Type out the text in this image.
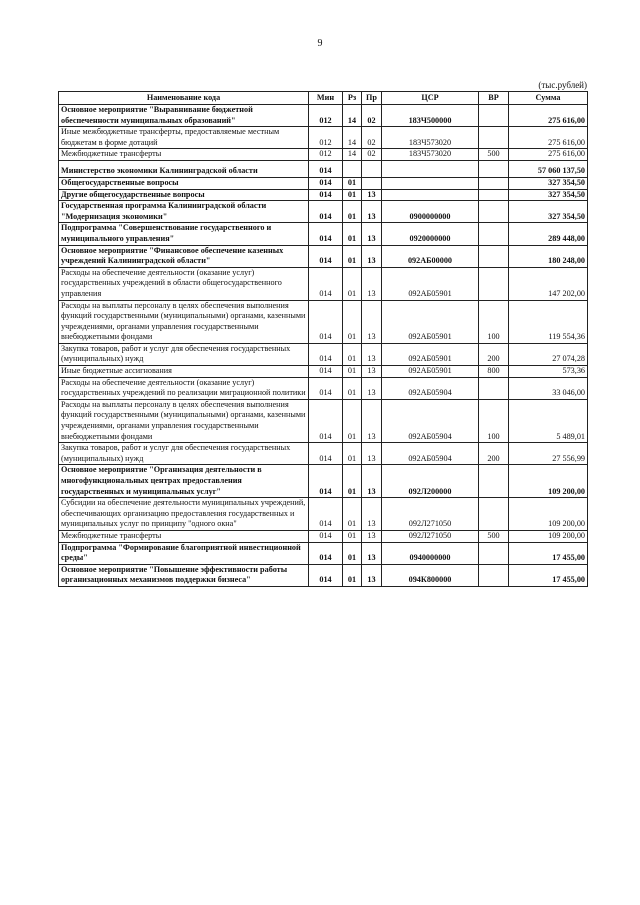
9
(тыс.рублей)
Наименование кода	Мин	Рз	Пр	ЦСР	ВР	Сумма
Основное мероприятие "Выравнивание бюджетной обеспеченности муниципальных образований"	012	14	02	183Ч500000		275 616,00
Иные межбюджетные трансферты, предоставляемые местным бюджетам в форме дотаций	012	14	02	183Ч573020		275 616,00
Межбюджетные трансферты	012	14	02	183Ч573020	500	275 616,00
Министерство экономики Калининградской области	014					57 060 137,50
Общегосударственные вопросы	014	01				327 354,50
Другие общегосударственные вопросы	014	01	13			327 354,50
Государственная программа Калининградской области "Модернизация экономики"	014	01	13	0900000000		327 354,50
Подпрограмма "Совершенствование государственного и муниципального управления"	014	01	13	0920000000		289 448,00
Основное мероприятие "Финансовое обеспечение казенных учреждений Калининградской области"	014	01	13	092АБ00000		180 248,00
Расходы на обеспечение деятельности (оказание услуг) государственных учреждений в области общегосударственного управления	014	01	13	092АБ05901		147 202,00
Расходы на выплаты персоналу в целях обеспечения выполнения функций государственными (муниципальными) органами, казенными учреждениями, органами управления государственными внебюджетными фондами	014	01	13	092АБ05901	100	119 554,36
Закупка товаров, работ и услуг для обеспечения государственных (муниципальных) нужд	014	01	13	092АБ05901	200	27 074,28
Иные бюджетные ассигнования	014	01	13	092АБ05901	800	573,36
Расходы на обеспечение деятельности (оказание услуг) государственных учреждений по реализации миграционной политики	014	01	13	092АБ05904		33 046,00
Расходы на выплаты персоналу в целях обеспечения выполнения функций государственными (муниципальными) органами, казенными учреждениями, органами управления государственными внебюджетными фондами	014	01	13	092АБ05904	100	5 489,01
Закупка товаров, работ и услуг для обеспечения государственных (муниципальных) нужд	014	01	13	092АБ05904	200	27 556,99
Основное мероприятие "Организация деятельности в многофункциональных центрах предоставления государственных и муниципальных услуг"	014	01	13	092Л200000		109 200,00
Субсидии на обеспечение деятельности муниципальных учреждений, обеспечивающих организацию предоставления государственных и муниципальных услуг по принципу "одного окна"	014	01	13	092Л271050		109 200,00
Межбюджетные трансферты	014	01	13	092Л271050	500	109 200,00
Подпрограмма "Формирование благоприятной инвестиционной среды"	014	01	13	0940000000		17 455,00
Основное мероприятие "Повышение эффективности работы организационных механизмов поддержки бизнеса"	014	01	13	094К800000		17 455,00
